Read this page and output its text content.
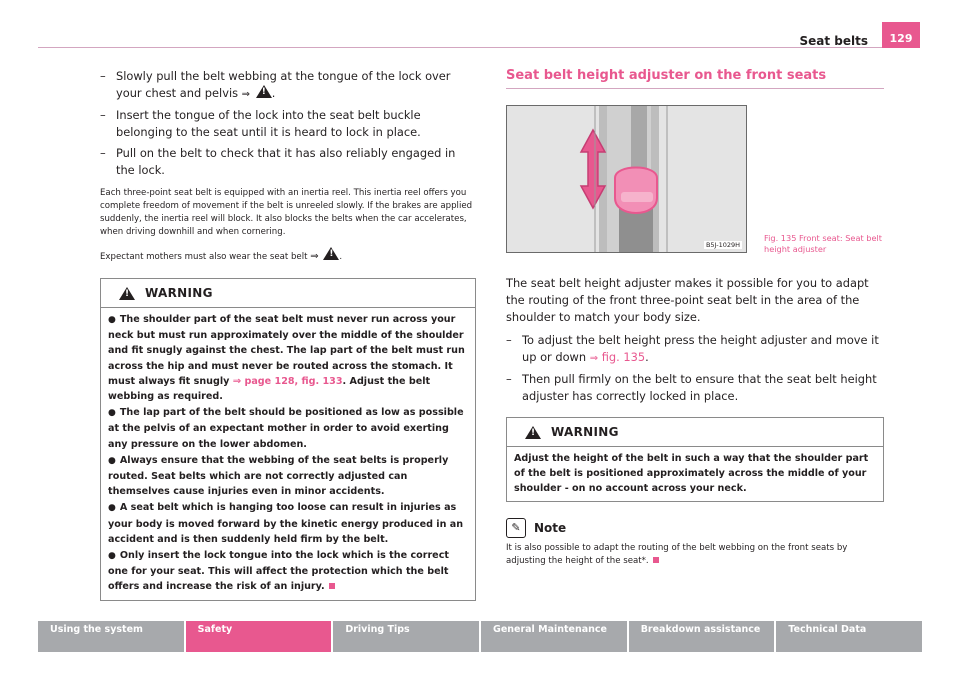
Seat belts 129
– Slowly pull the belt webbing at the tongue of the lock over your chest and pelvis ⇒ ! .
– Insert the tongue of the lock into the seat belt buckle belonging to the seat until it is heard to lock in place.
– Pull on the belt to check that it has also reliably engaged in the lock.

Each three-point seat belt is equipped with an inertia reel. This inertia reel offers you complete freedom of movement if the belt is unreeled slowly. If the brakes are applied suddenly, the inertia reel will block. It also blocks the belts when the car accelerates, when driving downhill and when cornering.

Expectant mothers must also wear the seat belt ⇒ ! .

!
WARNING

● The shoulder part of the seat belt must never run across your neck but must run approximately over the middle of the shoulder and fit snugly against the chest. The lap part of the belt must run across the hip and must never be routed across the stomach. It must always fit snugly ⇒ page 128, fig. 133. Adjust the belt webbing as required.

● The lap part of the belt should be positioned as low as possible at the pelvis of an expectant mother in order to avoid exerting any pressure on the lower abdomen.

● Always ensure that the webbing of the seat belts is properly routed. Seat belts which are not correctly adjusted can themselves cause injuries even in minor accidents.

● A seat belt which is hanging too loose can result in injuries as your body is moved forward by the kinetic energy produced in an accident and is then suddenly held firm by the belt.

● Only insert the lock tongue into the lock which is the correct one for your seat. This will affect the protection which the belt offers and increase the risk of an injury.

Seat belt height adjuster on the front seats
B5J-1029H
Fig. 135 Front seat: Seat belt height adjuster

The seat belt height adjuster makes it possible for you to adapt the routing of the front three-point seat belt in the area of the shoulder to match your body size.

– To adjust the belt height press the height adjuster and move it up or down ⇒ fig. 135.
– Then pull firmly on the belt to ensure that the seat belt height adjuster has correctly locked in place.
!
WARNING
Adjust the height of the belt in such a way that the shoulder part of the belt is positioned approximately across the middle of your shoulder - on no account across your neck.
✎	Note
It is also possible to adapt the routing of the belt webbing on the front seats by adjusting the height of the seat*.
Using the system	Safety	Driving Tips	General Maintenance	Breakdown assistance	Technical Data
